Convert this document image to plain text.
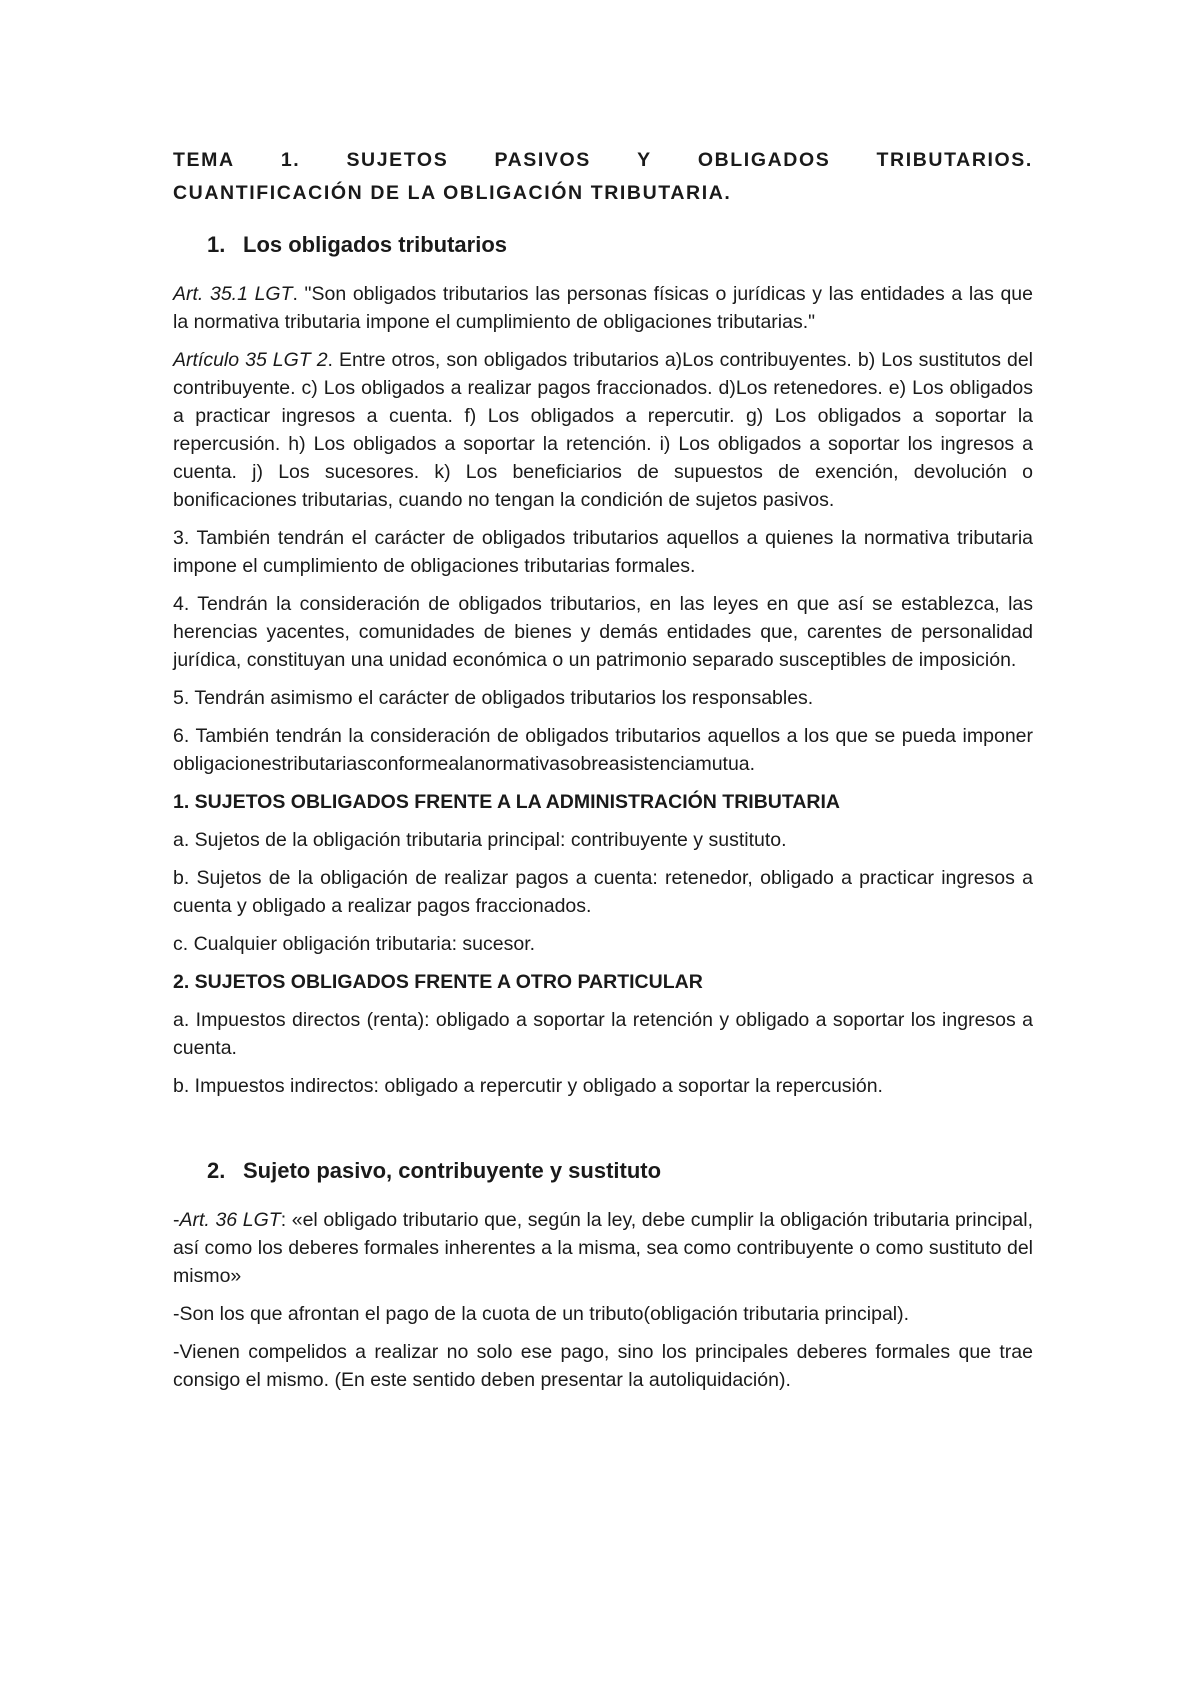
TEMA 1. SUJETOS PASIVOS Y OBLIGADOS TRIBUTARIOS.
CUANTIFICACIÓN DE LA OBLIGACIÓN TRIBUTARIA.
1. Los obligados tributarios

Art. 35.1 LGT. "Son obligados tributarios las personas físicas o jurídicas y las entidades a las que la normativa tributaria impone el cumplimiento de obligaciones tributarias."

Artículo 35 LGT 2. Entre otros, son obligados tributarios a)Los contribuyentes. b) Los sustitutos del contribuyente. c) Los obligados a realizar pagos fraccionados. d)Los retenedores. e) Los obligados a practicar ingresos a cuenta. f) Los obligados a repercutir. g) Los obligados a soportar la repercusión. h) Los obligados a soportar la retención. i) Los obligados a soportar los ingresos a cuenta. j) Los sucesores. k) Los beneficiarios de supuestos de exención, devolución o bonificaciones tributarias, cuando no tengan la condición de sujetos pasivos.

3. También tendrán el carácter de obligados tributarios aquellos a quienes la normativa tributaria impone el cumplimiento de obligaciones tributarias formales.

4. Tendrán la consideración de obligados tributarios, en las leyes en que así se establezca, las herencias yacentes, comunidades de bienes y demás entidades que, carentes de personalidad jurídica, constituyan una unidad económica o un patrimonio separado susceptibles de imposición.

5. Tendrán asimismo el carácter de obligados tributarios los responsables.

6. También tendrán la consideración de obligados tributarios aquellos a los que se pueda imponer obligacionestributariasconformealanormativasobreasistenciamutua.

1. SUJETOS OBLIGADOS FRENTE A LA ADMINISTRACIÓN TRIBUTARIA

a. Sujetos de la obligación tributaria principal: contribuyente y sustituto.

b. Sujetos de la obligación de realizar pagos a cuenta: retenedor, obligado a practicar ingresos a cuenta y obligado a realizar pagos fraccionados.

c. Cualquier obligación tributaria: sucesor.

2. SUJETOS OBLIGADOS FRENTE A OTRO PARTICULAR

a. Impuestos directos (renta): obligado a soportar la retención y obligado a soportar los ingresos a cuenta.

b. Impuestos indirectos: obligado a repercutir y obligado a soportar la repercusión.

2. Sujeto pasivo, contribuyente y sustituto

-Art. 36 LGT: «el obligado tributario que, según la ley, debe cumplir la obligación tributaria principal, así como los deberes formales inherentes a la misma, sea como contribuyente o como sustituto del mismo»

-Son los que afrontan el pago de la cuota de un tributo(obligación tributaria principal).

-Vienen compelidos a realizar no solo ese pago, sino los principales deberes formales que trae consigo el mismo. (En este sentido deben presentar la autoliquidación).
